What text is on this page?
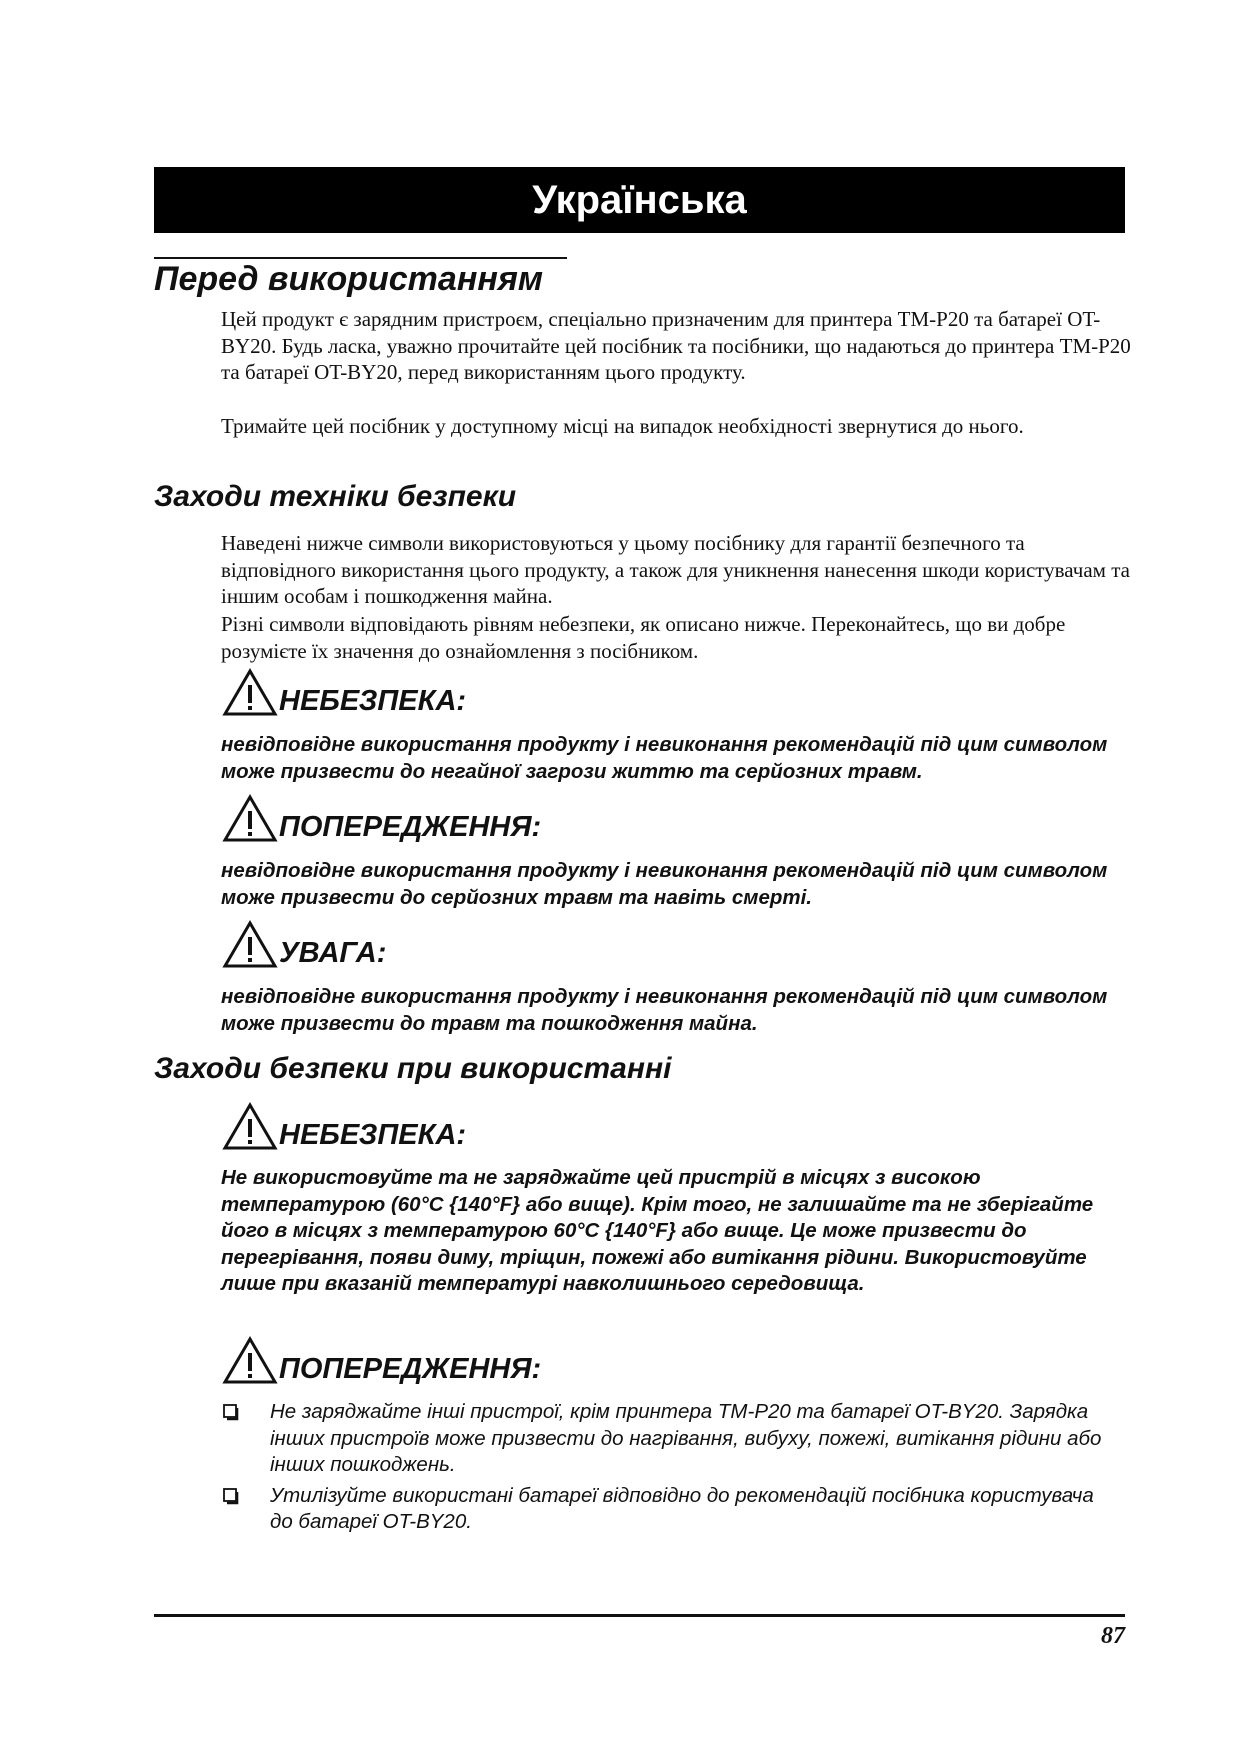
Українська
Перед використанням

Цей продукт є зарядним пристроєм, спеціально призначеним для принтера TM-P20 та батареї OT-BY20. Будь ласка, уважно прочитайте цей посібник та посібники, що надаються до принтера TM-P20 та батареї OT-BY20, перед використанням цього продукту.

Тримайте цей посібник у доступному місці на випадок необхідності звернутися до нього.

Заходи техніки безпеки

Наведені нижче символи використовуються у цьому посібнику для гарантії безпечного та відповідного використання цього продукту, а також для уникнення нанесення шкоди користувачам та іншим особам і пошкодження майна.

Різні символи відповідають рівням небезпеки, як описано нижче. Переконайтесь, що ви добре розумієте їх значення до ознайомлення з посібником.

НЕБЕЗПЕКА:

невідповідне використання продукту і невиконання рекомендацій під цим символом може призвести до негайної загрози життю та серйозних травм.

ПОПЕРЕДЖЕННЯ:

невідповідне використання продукту і невиконання рекомендацій під цим символом може призвести до серйозних травм та навіть смерті.

УВАГА:

невідповідне використання продукту і невиконання рекомендацій під цим символом може призвести до травм та пошкодження майна.

Заходи безпеки при використанні
НЕБЕЗПЕКА:

Не використовуйте та не заряджайте цей пристрій в місцях з високою температурою (60°C {140°F} або вище). Крім того, не залишайте та не зберігайте його в місцях з температурою 60°C {140°F} або вище. Це може призвести до перегрівання, появи диму, тріщин, пожежі або витікання рідини. Використовуйте лише при вказаній температурі навколишнього середовища.

ПОПЕРЕДЖЕННЯ:
Не заряджайте інші пристрої, крім принтера TM-P20 та батареї OT-BY20. Зарядка інших пристроїв може призвести до нагрівання, вибуху, пожежі, витікання рідини або інших пошкоджень.
Утилізуйте використані батареї відповідно до рекомендацій посібника користувача до батареї OT-BY20.
87
